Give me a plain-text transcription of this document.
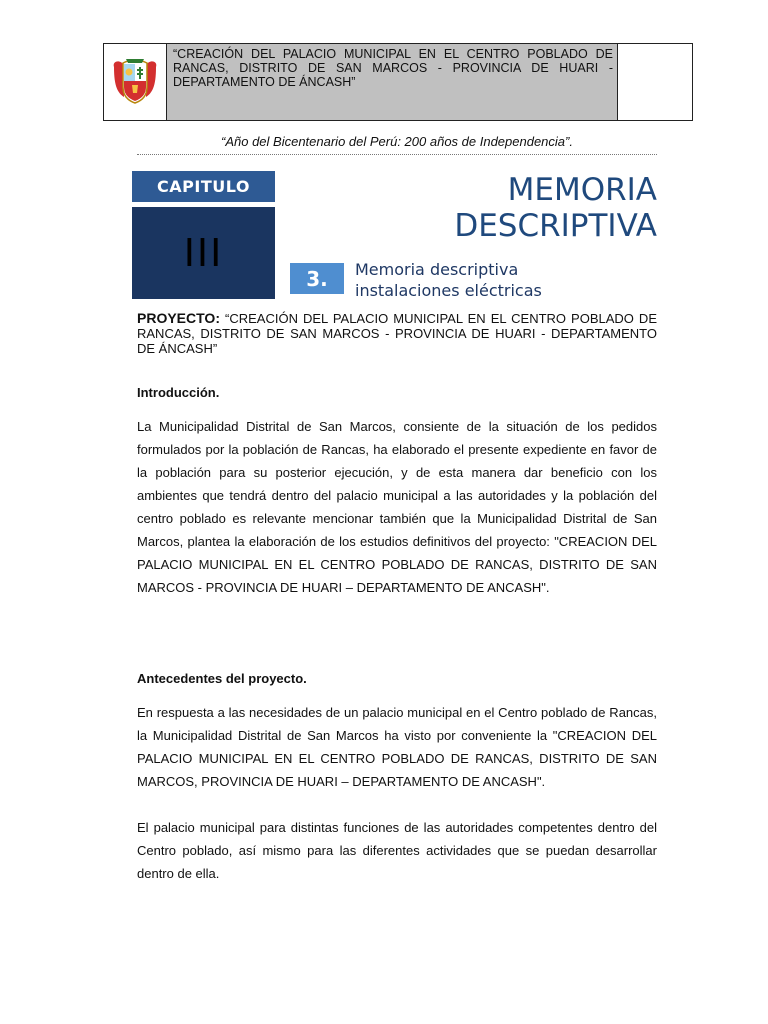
“CREACIÓN DEL PALACIO MUNICIPAL EN EL CENTRO POBLADO DE RANCAS, DISTRITO DE SAN MARCOS - PROVINCIA DE HUARI - DEPARTAMENTO DE ÁNCASH”
“Año del Bicentenario del Perú: 200 años de Independencia”.
CAPITULO
III
MEMORIA
DESCRIPTIVA
3.	Memoria descriptiva
instalaciones eléctricas
PROYECTO: “CREACIÓN DEL PALACIO MUNICIPAL EN EL CENTRO POBLADO DE RANCAS, DISTRITO DE SAN MARCOS - PROVINCIA DE HUARI - DEPARTAMENTO DE ÁNCASH”
Introducción.

La Municipalidad Distrital de San Marcos, consiente de la situación de los pedidos formulados por la población de Rancas, ha elaborado el presente expediente en favor de la población para su posterior ejecución, y de esta manera dar beneficio con los ambientes que tendrá dentro del palacio municipal a las autoridades y la población del centro poblado es relevante mencionar también que la Municipalidad Distrital de San Marcos, plantea la elaboración de los estudios definitivos del proyecto: "CREACION DEL PALACIO MUNICIPAL EN EL CENTRO POBLADO DE RANCAS, DISTRITO DE SAN MARCOS - PROVINCIA DE HUARI – DEPARTAMENTO DE ANCASH".

Antecedentes del proyecto.

En respuesta a las necesidades de un palacio municipal en el Centro poblado de Rancas, la Municipalidad Distrital de San Marcos ha visto por conveniente la "CREACION DEL PALACIO MUNICIPAL EN EL CENTRO POBLADO DE RANCAS, DISTRITO DE SAN MARCOS, PROVINCIA DE HUARI – DEPARTAMENTO DE ANCASH".

El palacio municipal para distintas funciones de las autoridades competentes dentro del Centro poblado, así mismo para las diferentes actividades que se puedan desarrollar dentro de ella.
